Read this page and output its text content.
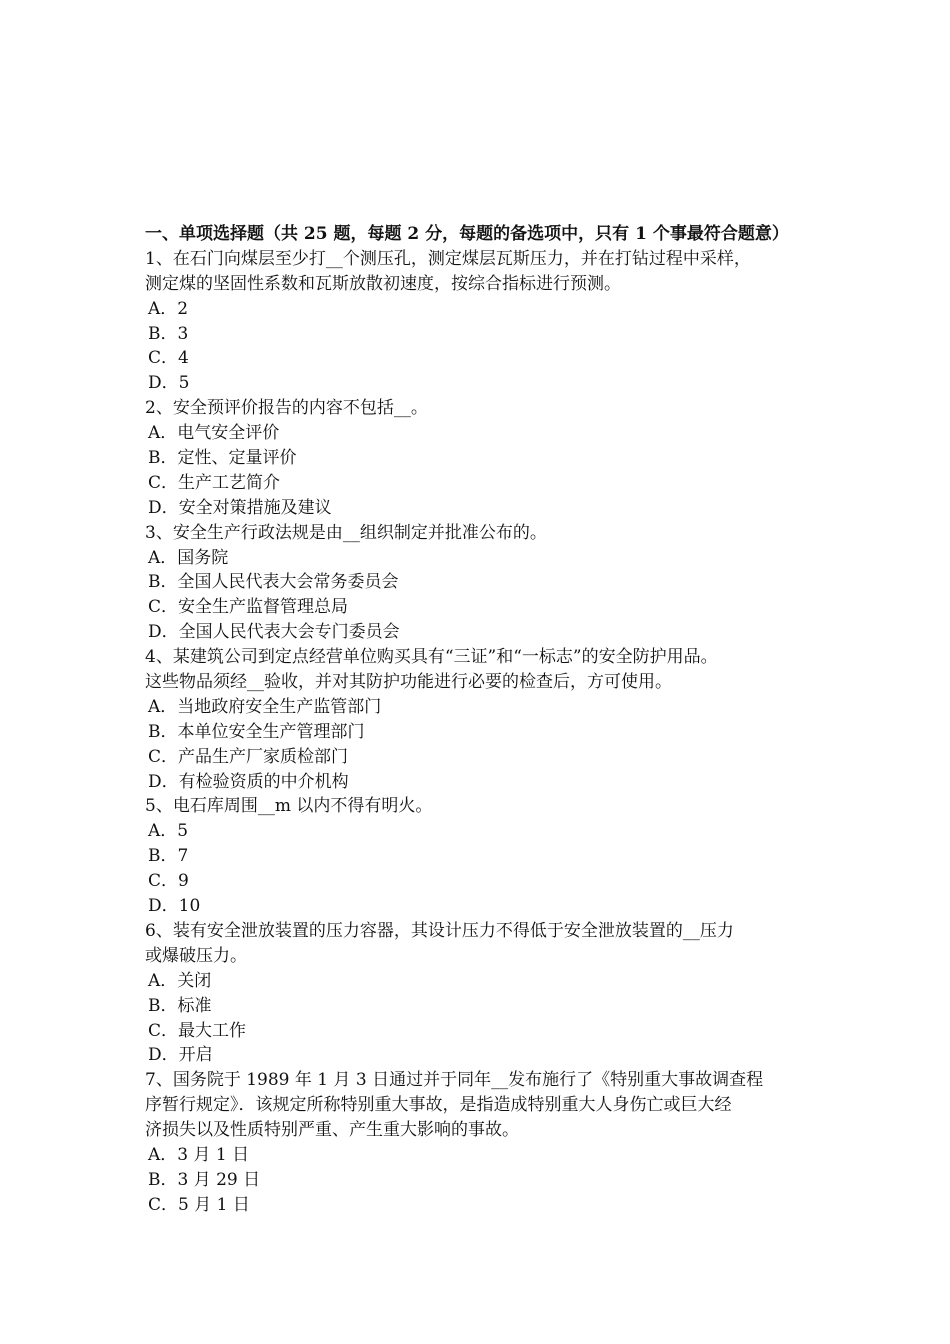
一、单项选择题（共 25 题，每题 2 分，每题的备选项中，只有 1 个事最符合题意）
1、在石门向煤层至少打__个测压孔，测定煤层瓦斯压力，并在打钻过程中采样，
测定煤的坚固性系数和瓦斯放散初速度，按综合指标进行预测。
A．2
B．3
C．4
D．5
2、安全预评价报告的内容不包括__。
A．电气安全评价
B．定性、定量评价
C．生产工艺简介
D．安全对策措施及建议
3、安全生产行政法规是由__组织制定并批准公布的。
A．国务院
B．全国人民代表大会常务委员会
C．安全生产监督管理总局
D．全国人民代表大会专门委员会
4、某建筑公司到定点经营单位购买具有“三证”和“一标志”的安全防护用品。
这些物品须经__验收，并对其防护功能进行必要的检查后，方可使用。
A．当地政府安全生产监管部门
B．本单位安全生产管理部门
C．产品生产厂家质检部门
D．有检验资质的中介机构
5、电石库周围__m 以内不得有明火。
A．5
B．7
C．9
D．10
6、装有安全泄放装置的压力容器，其设计压力不得低于安全泄放装置的__压力
或爆破压力。
A．关闭
B．标准
C．最大工作
D．开启
7、国务院于 1989 年 1 月 3 日通过并于同年__发布施行了《特别重大事故调查程
序暂行规定》．该规定所称特别重大事故，是指造成特别重大人身伤亡或巨大经
济损失以及性质特别严重、产生重大影响的事故。
A．3 月 1 日
B．3 月 29 日
C．5 月 1 日
